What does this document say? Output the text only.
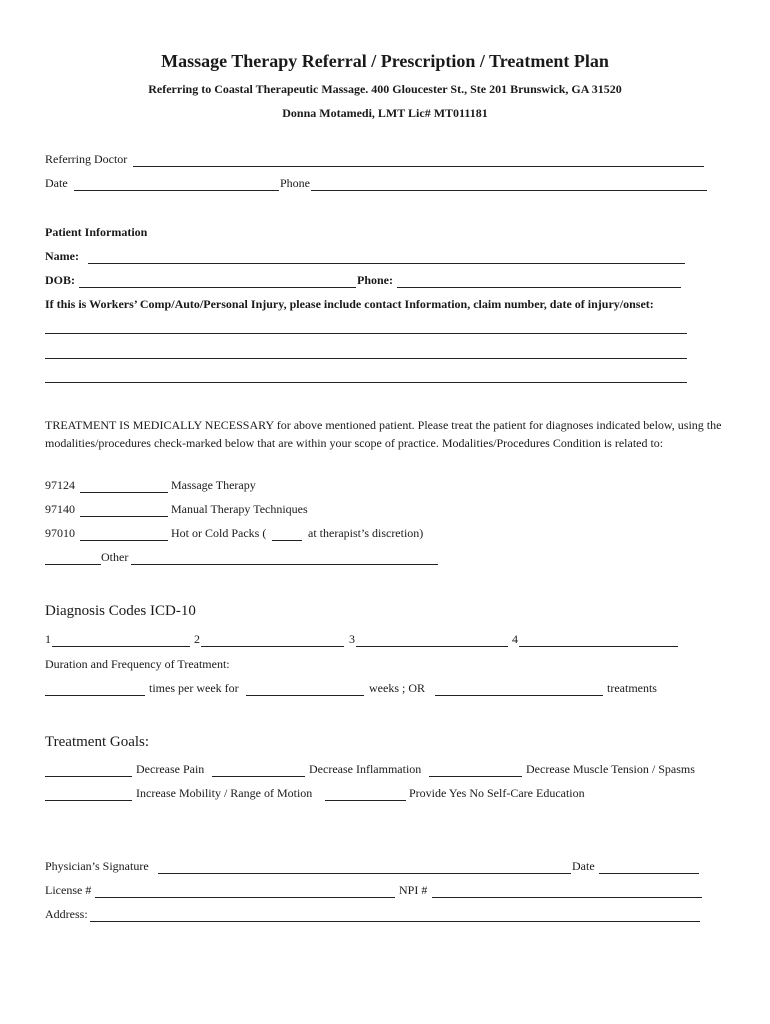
Massage Therapy Referral / Prescription / Treatment Plan
Referring to Coastal Therapeutic Massage. 400 Gloucester St., Ste 201 Brunswick, GA 31520
Donna Motamedi, LMT Lic# MT011181
Referring Doctor
Date	Phone
Patient Information
Name:
DOB:	Phone:
If this is Workers’ Comp/Auto/Personal Injury, please include contact Information, claim number, date of injury/onset:
TREATMENT IS MEDICALLY NECESSARY for above mentioned patient. Please treat the patient for diagnoses indicated below, using the modalities/procedures check-marked below that are within your scope of practice. Modalities/Procedures Condition is related to:
97124	Massage Therapy
97140	Manual Therapy Techniques
97010	Hot or Cold Packs (	at therapist’s discretion)
Other
Diagnosis Codes ICD-10
1	2	3	4
Duration and Frequency of Treatment:
times per week for	weeks ; OR	treatments
Treatment Goals:
Decrease Pain	Decrease Inflammation	Decrease Muscle Tension / Spasms
Increase Mobility / Range of Motion	Provide Yes No Self-Care Education
Physician’s Signature	Date
License #	NPI #
Address:
